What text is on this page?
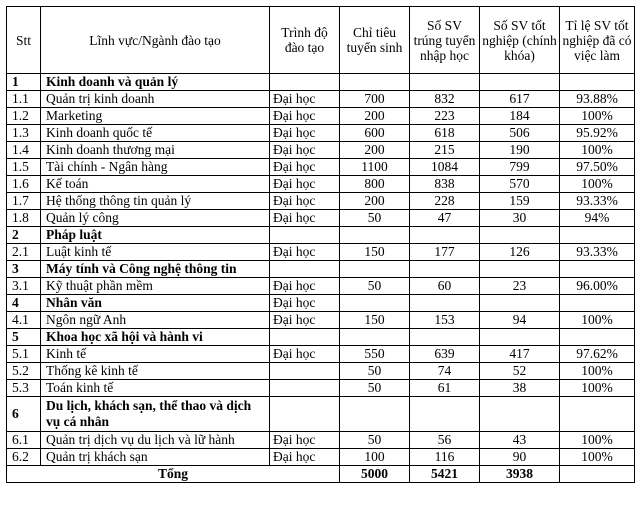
Stt	Lĩnh vực/Ngành đào tạo	Trình độ đào tạo	Chỉ tiêu tuyển sinh	Số SV trúng tuyển nhập học	Số SV tốt nghiệp (chính khóa)	Tỉ lệ SV tốt nghiệp đã có việc làm
1	Kinh doanh và quản lý					
1.1	Quản trị kinh doanh	Đại học	700	832	617	93.88%
1.2	Marketing	Đại học	200	223	184	100%
1.3	Kinh doanh quốc tế	Đại học	600	618	506	95.92%
1.4	Kinh doanh thương mại	Đại học	200	215	190	100%
1.5	Tài chính - Ngân hàng	Đại học	1100	1084	799	97.50%
1.6	Kế toán	Đại học	800	838	570	100%
1.7	Hệ thống thông tin quản lý	Đại học	200	228	159	93.33%
1.8	Quản lý công	Đại học	50	47	30	94%
2	Pháp luật					
2.1	Luật kinh tế	Đại học	150	177	126	93.33%
3	Máy tính và Công nghệ thông tin					
3.1	Kỹ thuật phần mềm	Đại học	50	60	23	96.00%
4	Nhân văn	Đại học				
4.1	Ngôn ngữ Anh	Đại học	150	153	94	100%
5	Khoa học xã hội và hành vi					
5.1	Kinh tế	Đại học	550	639	417	97.62%
5.2	Thống kê kinh tế		50	74	52	100%
5.3	Toán kinh tế		50	61	38	100%
6	Du lịch, khách sạn, thể thao và dịch vụ cá nhân					
6.1	Quản trị dịch vụ du lịch và lữ hành	Đại học	50	56	43	100%
6.2	Quản trị khách sạn	Đại học	100	116	90	100%
Tổng			5000	5421	3938	
